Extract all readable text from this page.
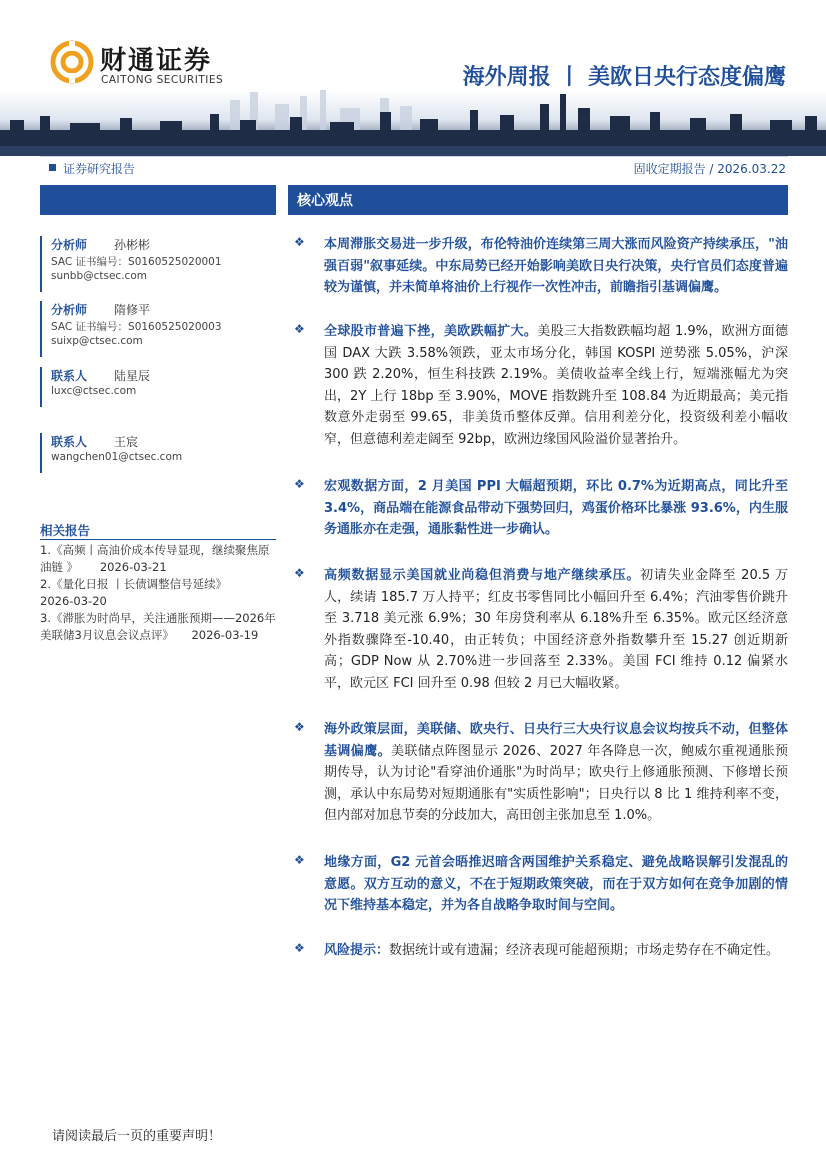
财通证券
CAITONG SECURITIES	海外周报 丨 美欧日央行态度偏鹰
证券研究报告	固收定期报告 / 2026.03.22
分析师 孙彬彬
SAC 证书编号：S0160525020001
sunbb@ctsec.com
分析师 隋修平
SAC 证书编号：S0160525020003
suixp@ctsec.com
联系人 陆星辰
luxc@ctsec.com
联系人 王宸
wangchen01@ctsec.com
相关报告
1.《高频丨高油价成本传导显现，继续聚焦原油链 》 2026-03-21
2.《量化日报 丨长债调整信号延续》
2026-03-20
3.《滞胀为时尚早，关注通胀预期——2026年美联储3月议息会议点评》 2026-03-19
核心观点
❖ 本周滞胀交易进一步升级，布伦特油价连续第三周大涨而风险资产持续承压，"油强百弱"叙事延续。中东局势已经开始影响美欧日央行决策，央行官员们态度普遍较为谨慎，并未简单将油价上行视作一次性冲击，前瞻指引基调偏鹰。
❖ 全球股市普遍下挫，美欧跌幅扩大。美股三大指数跌幅均超 1.9%，欧洲方面德国 DAX 大跌 3.58%领跌，亚太市场分化，韩国 KOSPI 逆势涨 5.05%，沪深 300 跌 2.20%，恒生科技跌 2.19%。美债收益率全线上行，短端涨幅尤为突出，2Y 上行 18bp 至 3.90%，MOVE 指数跳升至 108.84 为近期最高；美元指数意外走弱至 99.65，非美货币整体反弹。信用利差分化，投资级利差小幅收窄，但意德利差走阔至 92bp，欧洲边缘国风险溢价显著抬升。
❖ 宏观数据方面，2 月美国 PPI 大幅超预期，环比 0.7%为近期高点，同比升至 3.4%，商品端在能源食品带动下强势回归，鸡蛋价格环比暴涨 93.6%，内生服务通胀亦在走强，通胀黏性进一步确认。
❖ 高频数据显示美国就业尚稳但消费与地产继续承压。初请失业金降至 20.5 万人，续请 185.7 万人持平；红皮书零售同比小幅回升至 6.4%；汽油零售价跳升至 3.718 美元涨 6.9%；30 年房贷利率从 6.18%升至 6.35%。欧元区经济意外指数骤降至-10.40，由正转负；中国经济意外指数攀升至 15.27 创近期新高；GDP Now 从 2.70%进一步回落至 2.33%。美国 FCI 维持 0.12 偏紧水平，欧元区 FCI 回升至 0.98 但较 2 月已大幅收紧。
❖ 海外政策层面，美联储、欧央行、日央行三大央行议息会议均按兵不动，但整体基调偏鹰。美联储点阵图显示 2026、2027 年各降息一次，鲍威尔重视通胀预期传导，认为讨论"看穿油价通胀"为时尚早；欧央行上修通胀预测、下修增长预测，承认中东局势对短期通胀有"实质性影响"；日央行以 8 比 1 维持利率不变，但内部对加息节奏的分歧加大，高田创主张加息至 1.0%。
❖ 地缘方面，G2 元首会晤推迟暗含两国维护关系稳定、避免战略误解引发混乱的意愿。双方互动的意义，不在于短期政策突破，而在于双方如何在竞争加剧的情况下维持基本稳定，并为各自战略争取时间与空间。
❖ 风险提示：数据统计或有遗漏；经济表现可能超预期；市场走势存在不确定性。
请阅读最后一页的重要声明！
